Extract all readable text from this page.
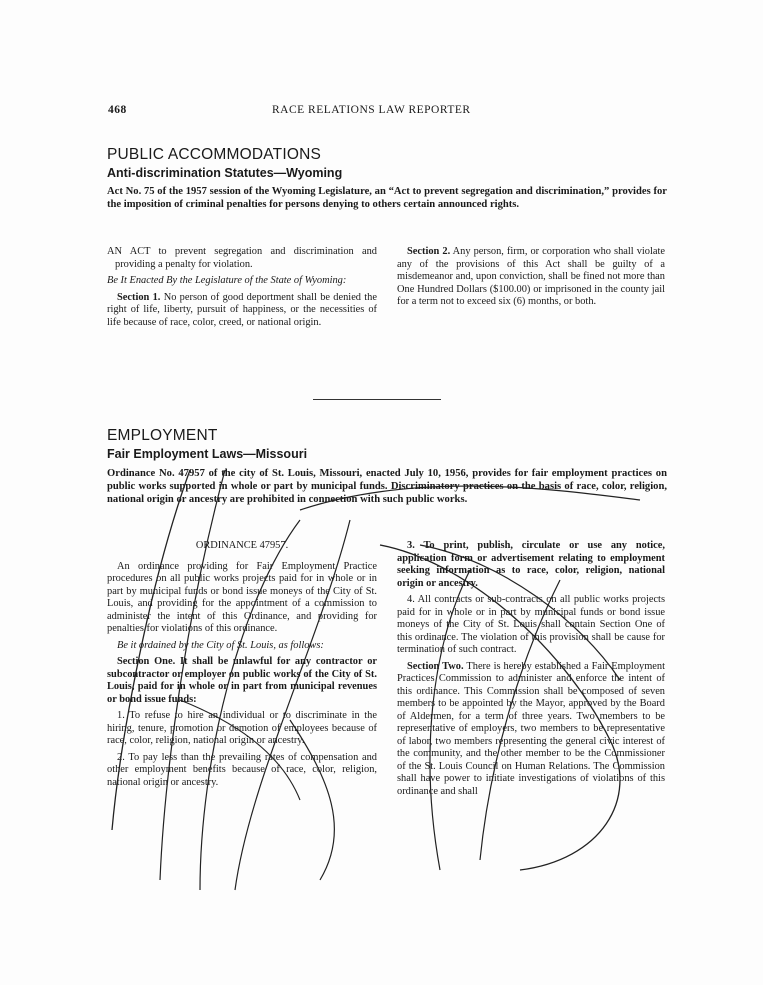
468	RACE RELATIONS LAW REPORTER
PUBLIC ACCOMMODATIONS
Anti-discrimination Statutes—Wyoming
Act No. 75 of the 1957 session of the Wyoming Legislature, an “Act to prevent segregation and discrimination,” provides for the imposition of criminal penalties for persons denying to others certain announced rights.

AN ACT to prevent segregation and discrimination and providing a penalty for violation.

Be It Enacted By the Legislature of the State of Wyoming:

Section 1. No person of good deportment shall be denied the right of life, liberty, pursuit of happiness, or the necessities of life because of race, color, creed, or national origin.

Section 2. Any person, firm, or corporation who shall violate any of the provisions of this Act shall be guilty of a misdemeanor and, upon conviction, shall be fined not more than One Hundred Dollars ($100.00) or imprisoned in the county jail for a term not to exceed six (6) months, or both.

EMPLOYMENT
Fair Employment Laws—Missouri
Ordinance No. 47957 of the city of St. Louis, Missouri, enacted July 10, 1956, provides for fair employment practices on public works supported in whole or part by municipal funds. Discriminatory practices on the basis of race, color, religion, national origin or ancestry are prohibited in connection with such public works.

ORDINANCE 47957.

An ordinance providing for Fair Employment Practice procedures on all public works projects paid for in whole or in part by municipal funds or bond issue moneys of the City of St. Louis, and providing for the appointment of a commission to administer the intent of this Ordinance, and providing for penalties for violations of this ordinance.

Be it ordained by the City of St. Louis, as follows:

Section One. It shall be unlawful for any contractor or subcontractor or employer on public works of the City of St. Louis, paid for in whole or in part from municipal revenues or bond issue funds:

1. To refuse to hire an individual or to discriminate in the hiring, tenure, promotion or demotion of employees because of race, color, religion, national origin or ancestry.

2. To pay less than the prevailing rates of compensation and other employment benefits because of race, color, religion, national origin or ancestry.

3. To print, publish, circulate or use any notice, application form or advertisement relating to employment seeking information as to race, color, religion, national origin or ancestry.

4. All contracts or sub-contracts on all public works projects paid for in whole or in part by municipal funds or bond issue moneys of the City of St. Louis shall contain Section One of this ordinance. The violation of this provision shall be cause for termination of such contract.

Section Two. There is hereby established a Fair Employment Practices Commission to administer and enforce the intent of this ordinance. This Commission shall be composed of seven members to be appointed by the Mayor, approved by the Board of Aldermen, for a term of three years. Two members to be representative of employers, two members to be representative of labor, two members representing the general civic interest of the community, and the other member to be the Commissioner of the St. Louis Council on Human Relations. The Commission shall have power to initiate investigations of violations of this ordinance and shall
